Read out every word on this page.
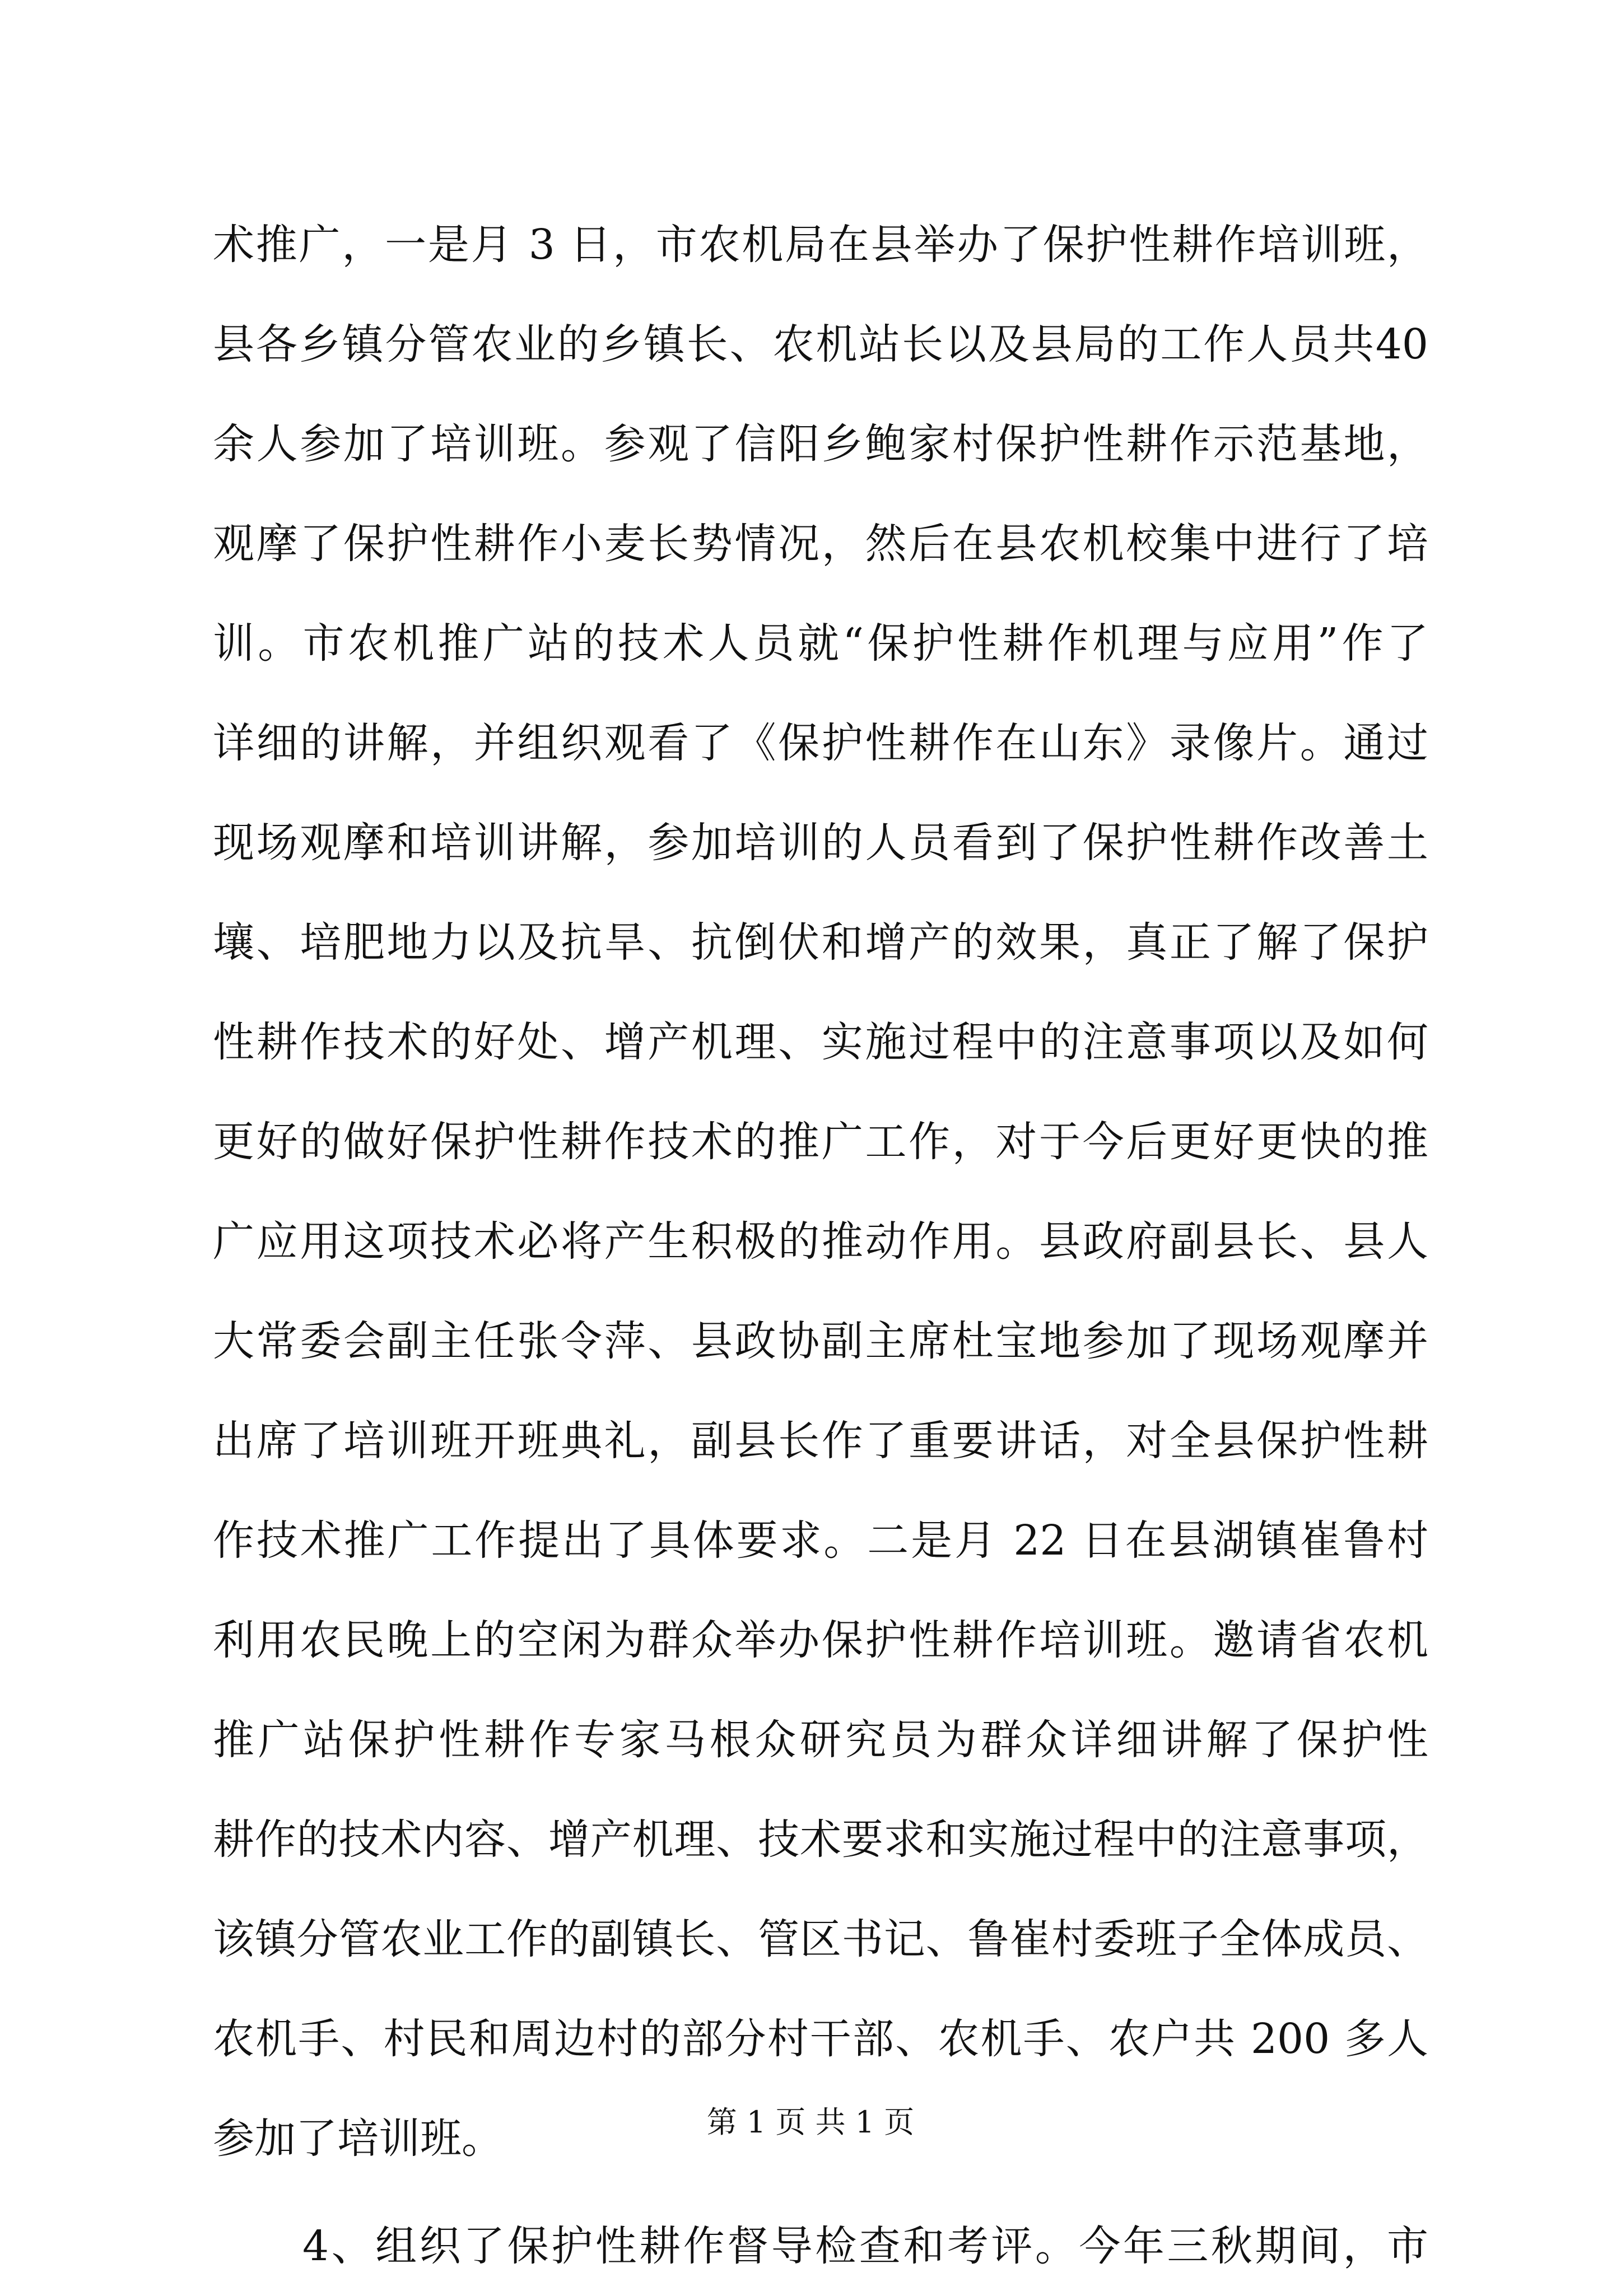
术推广，一是月 3 日，市农机局在县举办了保护性耕作培训班，
县各乡镇分管农业的乡镇长、农机站长以及县局的工作人员共40
余人参加了培训班。参观了信阳乡鲍家村保护性耕作示范基地，
观摩了保护性耕作小麦长势情况，然后在县农机校集中进行了培
训。市农机推广站的技术人员就“保护性耕作机理与应用”作了
详细的讲解，并组织观看了《保护性耕作在山东》录像片。通过
现场观摩和培训讲解，参加培训的人员看到了保护性耕作改善土
壤、培肥地力以及抗旱、抗倒伏和增产的效果，真正了解了保护
性耕作技术的好处、增产机理、实施过程中的注意事项以及如何
更好的做好保护性耕作技术的推广工作，对于今后更好更快的推
广应用这项技术必将产生积极的推动作用。县政府副县长、县人
大常委会副主任张令萍、县政协副主席杜宝地参加了现场观摩并
出席了培训班开班典礼，副县长作了重要讲话，对全县保护性耕
作技术推广工作提出了具体要求。二是月 22 日在县湖镇崔鲁村
利用农民晚上的空闲为群众举办保护性耕作培训班。邀请省农机
推广站保护性耕作专家马根众研究员为群众详细讲解了保护性
耕作的技术内容、增产机理、技术要求和实施过程中的注意事项，
该镇分管农业工作的副镇长、管区书记、鲁崔村委班子全体成员、
农机手、村民和周边村的部分村干部、农机手、农户共 200 多人
参加了培训班。
4、组织了保护性耕作督导检查和考评。今年三秋期间，市
第 1 页 共 1 页
